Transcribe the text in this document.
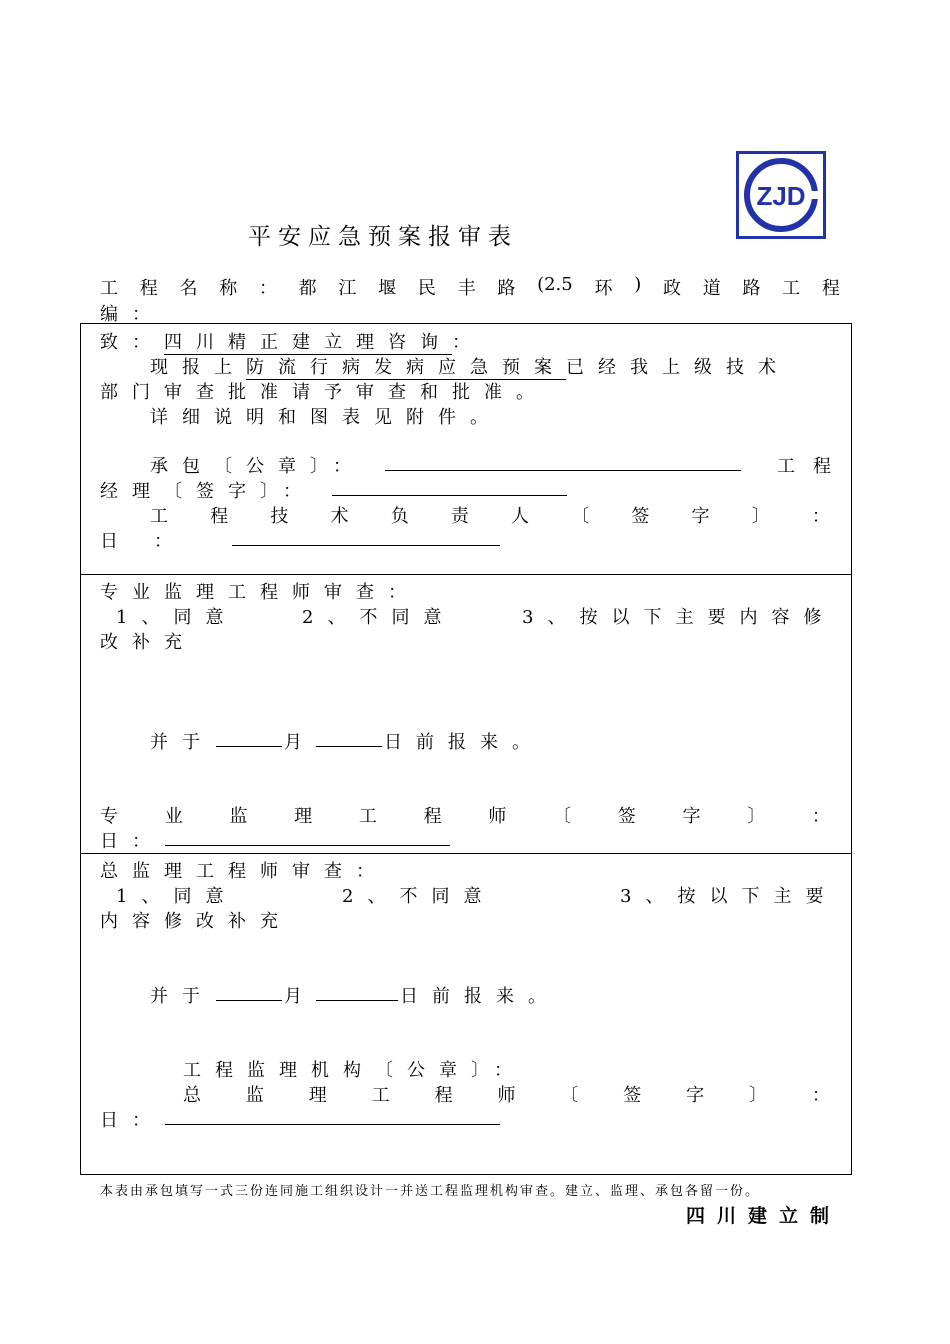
平安应急预案报审表
ZJD
工 程 名 称 ： 都 江 堰 民 丰 路 (2.5 环 ) 政 道 路 工 程
编：
致：四川精正建立理咨询：
现报上防流行病发病应急预案已经我上级技术
部门审查批准请予审查和批准。
详细说明和图表见附件。
承包〔公章〕：	工程
经理〔签字〕：
工 程 技 术 负 责 人 〔 签 字 〕 ：
日　　：
专业监理工程师审查：
1、同意	2、不同意	3、按以下主要内容修
改补充
并于	月	日前报来。
专	业	监	理	工	程	师	〔	签	字	〕	：
日：
总监理工程师审查：
1、同意	2、不同意	3、按以下主要
内容修改补充
并于	月	日前报来。
工程监理机构〔公章〕：
总 监 理 工 程 师 〔 签 字 〕 ：
日：
本表由承包填写一式三份连同施工组织设计一并送工程监理机构审查。建立、监理、承包各留一份。
四川建立制
